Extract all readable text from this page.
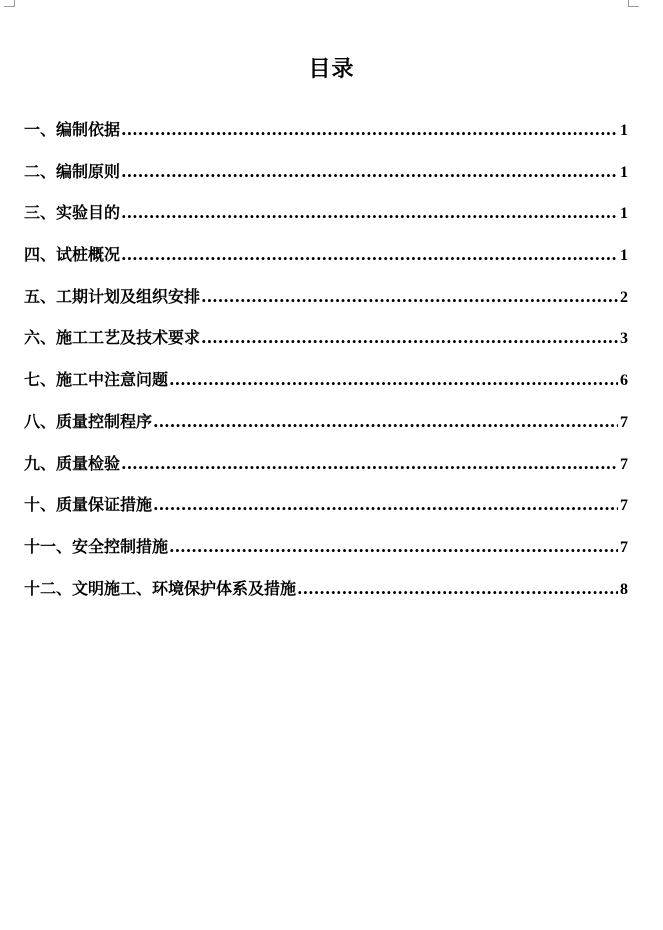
目录
一、编制依据 .....	1
二、编制原则 .....	1
三、实验目的 .....	1
四、试桩概况 .....	1
五、工期计划及组织安排 .....	2
六、施工工艺及技术要求 .....	3
七、施工中注意问题 .....	6
八、质量控制程序 .....	7
九、质量检验 .....	7
十、质量保证措施 .....	7
十一、安全控制措施 .....	7
十二、文明施工、环境保护体系及措施 .....	8
